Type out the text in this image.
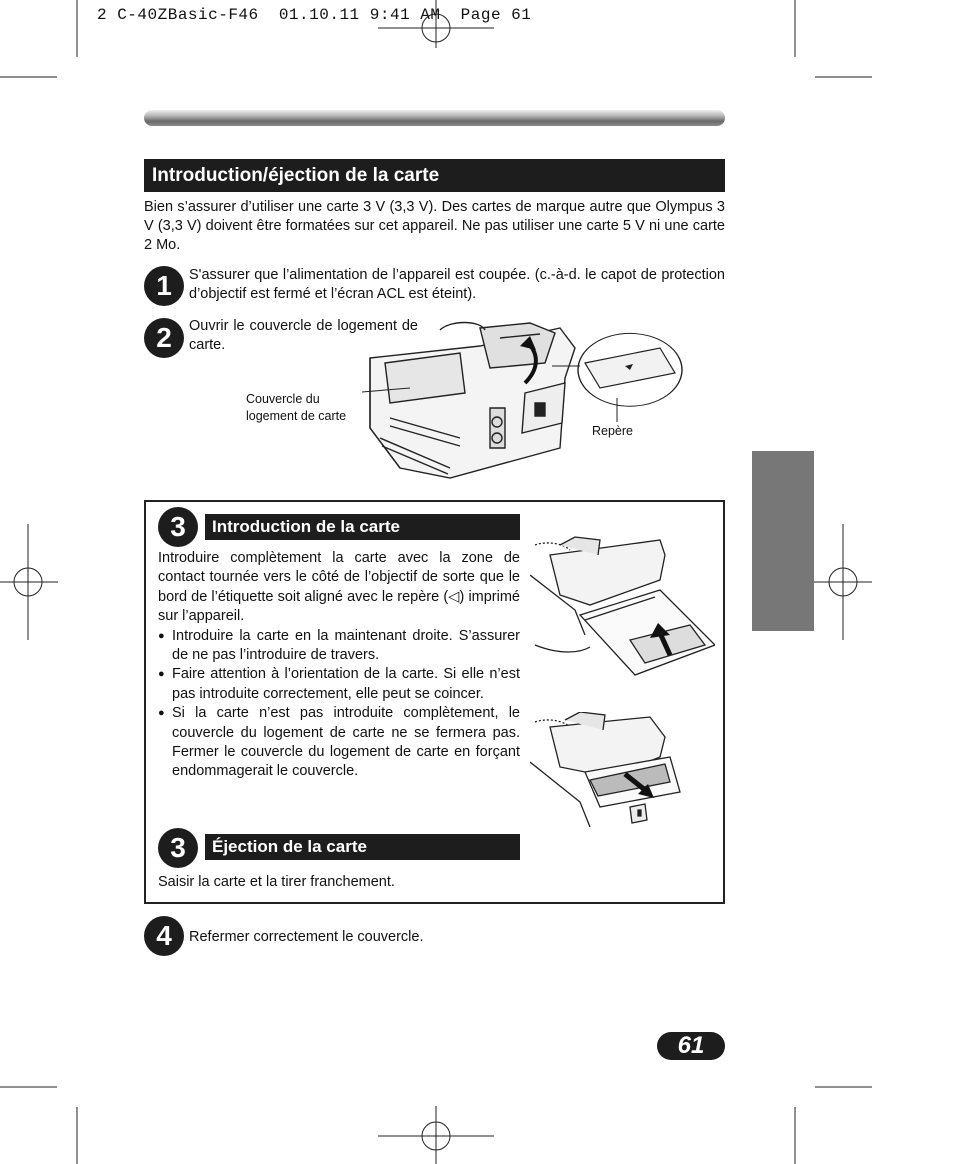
2 C-40ZBasic-F46  01.10.11 9:41 AM  Page 61
Introduction/éjection de la carte
Bien s’assurer d’utiliser une carte 3 V (3,3 V). Des cartes de marque autre que Olympus 3 V (3,3 V) doivent être formatées sur cet appareil. Ne pas utiliser une carte 5 V ni une carte 2 Mo.
1	S'assurer que l’alimentation de l’appareil est coupée. (c.-à-d. le capot de protection d’objectif est fermé et l’écran ACL est éteint).
2	Ouvrir le couvercle de logement de carte.
Couvercle du logement de carte
Repère
3	Introduction de la carte

Introduire complètement la carte avec la zone de contact tournée vers le côté de l’objectif de sorte que le bord de l’étiquette soit aligné avec le repère (◁) imprimé sur l’appareil.

● Introduire la carte en la maintenant droite. S’assurer de ne pas l’introduire de travers.

● Faire attention à l’orientation de la carte. Si elle n’est pas introduite correctement, elle peut se coincer.

● Si la carte n’est pas introduite complètement, le couvercle du logement de carte ne se fermera pas. Fermer le couvercle du logement de carte en forçant endommagerait le couvercle.

3	Éjection de la carte
Saisir la carte et la tirer franchement.
4	Refermer correctement le couvercle.
61
